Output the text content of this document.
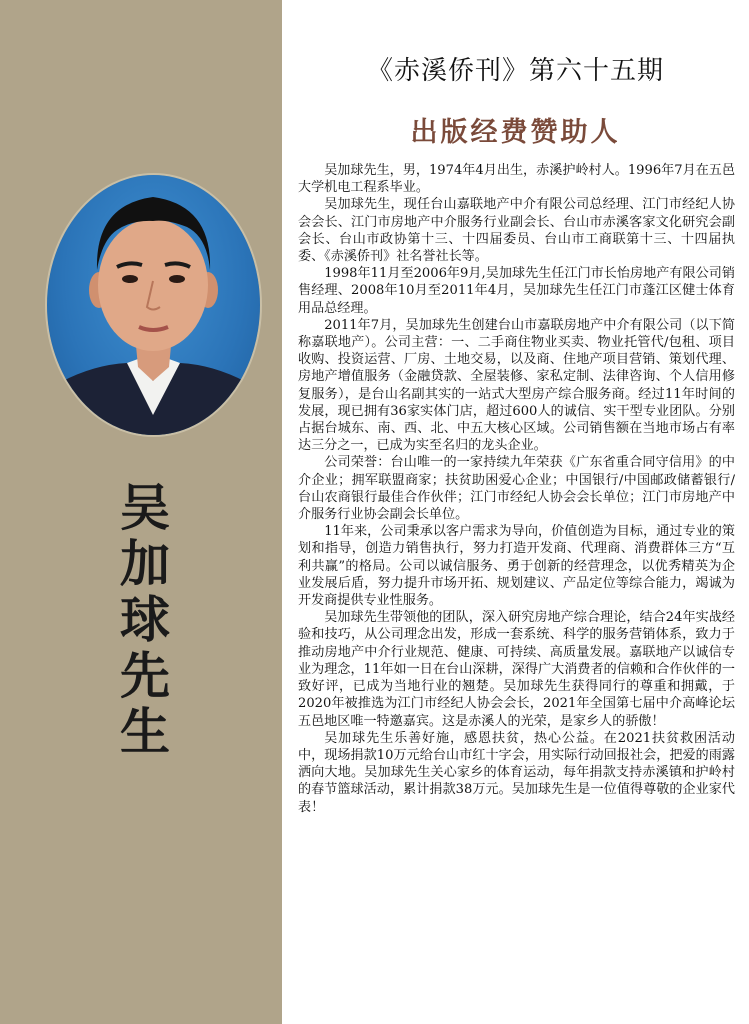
吴
加
球
先
生
《赤溪侨刊》第六十五期
出版经费赞助人

吴加球先生，男，1974年4月出生，赤溪护岭村人。1996年7月在五邑大学机电工程系毕业。

吴加球先生，现任台山嘉联地产中介有限公司总经理、江门市经纪人协会会长、江门市房地产中介服务行业副会长、台山市赤溪客家文化研究会副会长、台山市政协第十三、十四届委员、台山市工商联第十三、十四届执委、《赤溪侨刊》社名誉社长等。

1998年11月至2006年9月,吴加球先生任江门市长怡房地产有限公司销售经理、2008年10月至2011年4月，吴加球先生任江门市蓬江区健士体育用品总经理。

2011年7月，吴加球先生创建台山市嘉联房地产中介有限公司（以下简称嘉联地产）。公司主营：一、二手商住物业买卖、物业托管代/包租、项目收购、投资运营、厂房、土地交易，以及商、住地产项目营销、策划代理、房地产增值服务（金融贷款、全屋装修、家私定制、法律咨询、个人信用修复服务），是台山名副其实的一站式大型房产综合服务商。经过11年时间的发展，现已拥有36家实体门店，超过600人的诚信、实干型专业团队。分别占据台城东、南、西、北、中五大核心区域。公司销售额在当地市场占有率达三分之一，已成为实至名归的龙头企业。

公司荣誉：台山唯一的一家持续九年荣获《广东省重合同守信用》的中介企业；拥军联盟商家；扶贫助困爱心企业；中国银行/中国邮政储蓄银行/台山农商银行最佳合作伙伴；江门市经纪人协会会长单位；江门市房地产中介服务行业协会副会长单位。

11年来，公司秉承以客户需求为导向，价值创造为目标，通过专业的策划和指导，创造力销售执行，努力打造开发商、代理商、消费群体三方“互利共赢”的格局。公司以诚信服务、勇于创新的经营理念，以优秀精英为企业发展后盾，努力提升市场开拓、规划建议、产品定位等综合能力，竭诚为开发商提供专业性服务。

吴加球先生带领他的团队，深入研究房地产综合理论，结合24年实战经验和技巧，从公司理念出发，形成一套系统、科学的服务营销体系，致力于推动房地产中介行业规范、健康、可持续、高质量发展。嘉联地产以诚信专业为理念，11年如一日在台山深耕，深得广大消费者的信赖和合作伙伴的一致好评，已成为当地行业的翘楚。吴加球先生获得同行的尊重和拥戴，于2020年被推选为江门市经纪人协会会长，2021年全国第七届中介高峰论坛五邑地区唯一特邀嘉宾。这是赤溪人的光荣，是家乡人的骄傲！

吴加球先生乐善好施，感恩扶贫，热心公益。在2021扶贫救困活动中，现场捐款10万元给台山市红十字会，用实际行动回报社会，把爱的雨露洒向大地。吴加球先生关心家乡的体育运动，每年捐款支持赤溪镇和护岭村的春节篮球活动，累计捐款38万元。吴加球先生是一位值得尊敬的企业家代表！
